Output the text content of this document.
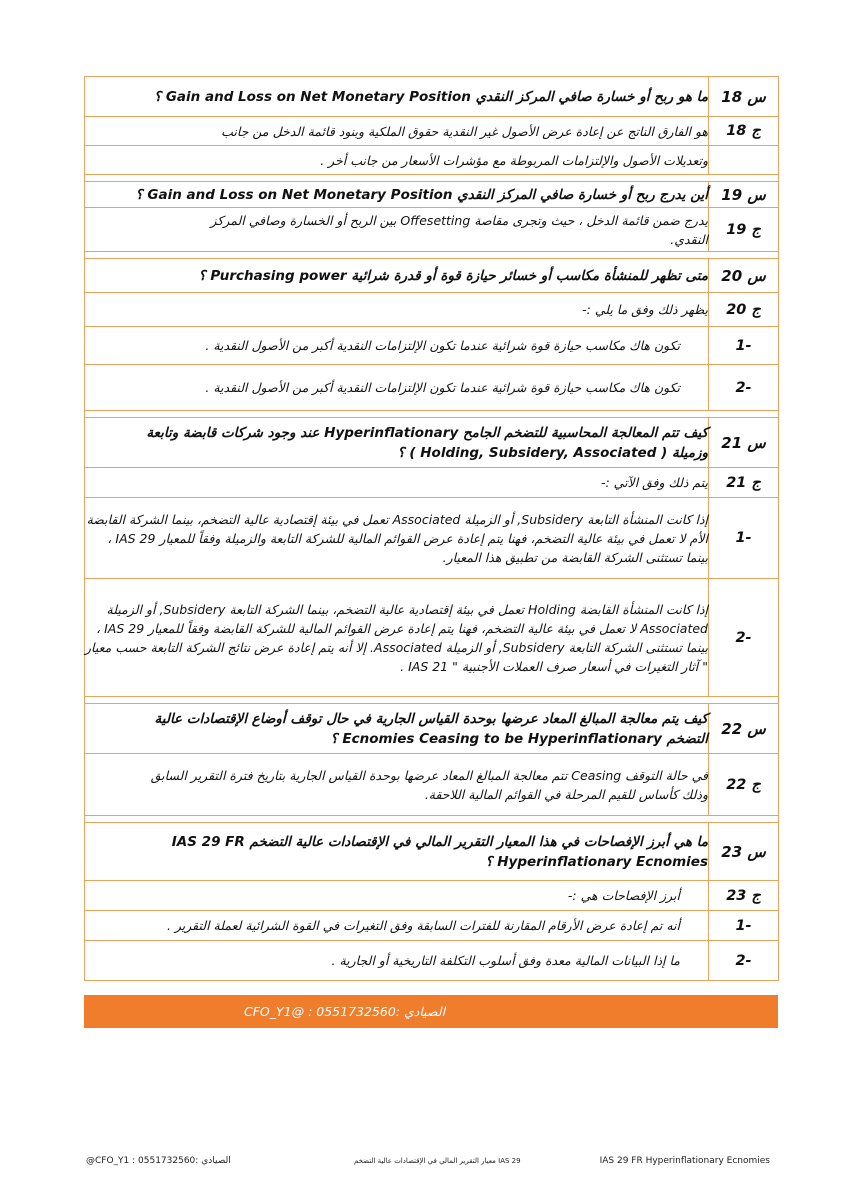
ما هو ربح أو خسارة صافي المركز النقدي Gain and Loss on Net Monetary Position ؟	س 18
هو الفارق الناتج عن إعادة عرض الأصول غير النقدية حقوق الملكية وبنود قائمة الدخل من جانب	ج 18
وتعديلات الأصول والإلتزامات المربوطة مع مؤشرات الأسعار من جانب أخر .	

أين يدرج ربح أو خسارة صافي المركز النقدي Gain and Loss on Net Monetary Position ؟	س 19
يدرج ضمن قائمة الدخل ، حيث وتجرى مقاصة Offesetting بين الربح أو الخسارة وصافي المركز النقدي.	ج 19

متى تظهر للمنشأة مكاسب أو خسائر حيازة قوة أو قدرة شرائية Purchasing power ؟	س 20
يظهر ذلك وفق ما يلي :-	ج 20
تكون هاك مكاسب حيازة قوة شرائية عندما تكون الإلتزامات النقدية أكبر من الأصول النقدية .	-1
تكون هاك مكاسب حيازة قوة شرائية عندما تكون الإلتزامات النقدية أكبر من الأصول النقدية .	-2

كيف تتم المعالجة المحاسبية للتضخم الجامح Hyperinflationary عند وجود شركات قابضة وتابعة وزميلة ( Holding, Subsidery, Associated ) ؟	س 21
يتم ذلك وفق الآتي :-	ج 21
إذا كانت المنشأة التابعة Subsidery, أو الزميلة Associated تعمل في بيئة إقتصادية عالية التضخم، بينما الشركة القابضة الأم لا تعمل في بيئة عالية التضخم، فهنا يتم إعادة عرض القوائم المالية للشركة التابعة والزميلة وفقاً للمعيار IAS 29 ، بينما تستثنى الشركة القابضة من تطبيق هذا المعيار.	-1
إذا كانت المنشأة القابضة Holding تعمل في بيئة إقتصادية عالية التضخم، بينما الشركة التابعة Subsidery, أو الزميلة Associated لا تعمل في بيئة عالية التضخم، فهنا يتم إعادة عرض القوائم المالية للشركة القابضة وفقاً للمعيار IAS 29 ، بينما تستثنى الشركة التابعة Subsidery, أو الزميلة Associated. إلا أنه يتم إعادة عرض نتائج الشركة التابعة حسب معيار " آثار التغيرات في أسعار صرف العملات الأجنبية " IAS 21 .	-2

كيف يتم معالجة المبالغ المعاد عرضها بوحدة القياس الجارية في حال توقف أوضاع الإقتصادات عالية التضخم Ecnomies Ceasing to be Hyperinflationary ؟	س 22
في حالة التوقف Ceasing تتم معالجة المبالغ المعاد عرضها بوحدة القياس الجارية بتاريخ فترة التقرير السابق وذلك كأساس للقيم المرحلة في القوائم المالية اللاحقة.	ج 22

ما هي أبرز الإفصاحات في هذا المعيار التقرير المالي في الإقتصادات عالية التضخم IAS 29 FR Hyperinflationary Ecnomies ؟	س 23
أبرز الإفصاحات هي :-	ج 23
أنه تم إعادة عرض الأرقام المقارنة للفترات السابقة وفق التغيرات في القوة الشرائية لعملة التقرير .	-1
ما إذا البيانات المالية معدة وفق أسلوب التكلفة التاريخية أو الجارية .	-2
الصيادي :0551732560 : @CFO_Y1
@CFO_Y1 : 0551732560: الصيادي	معيار التقرير المالي في الإقتصادات عالية التضخم IAS 29	IAS 29 FR Hyperinflationary Ecnomies
